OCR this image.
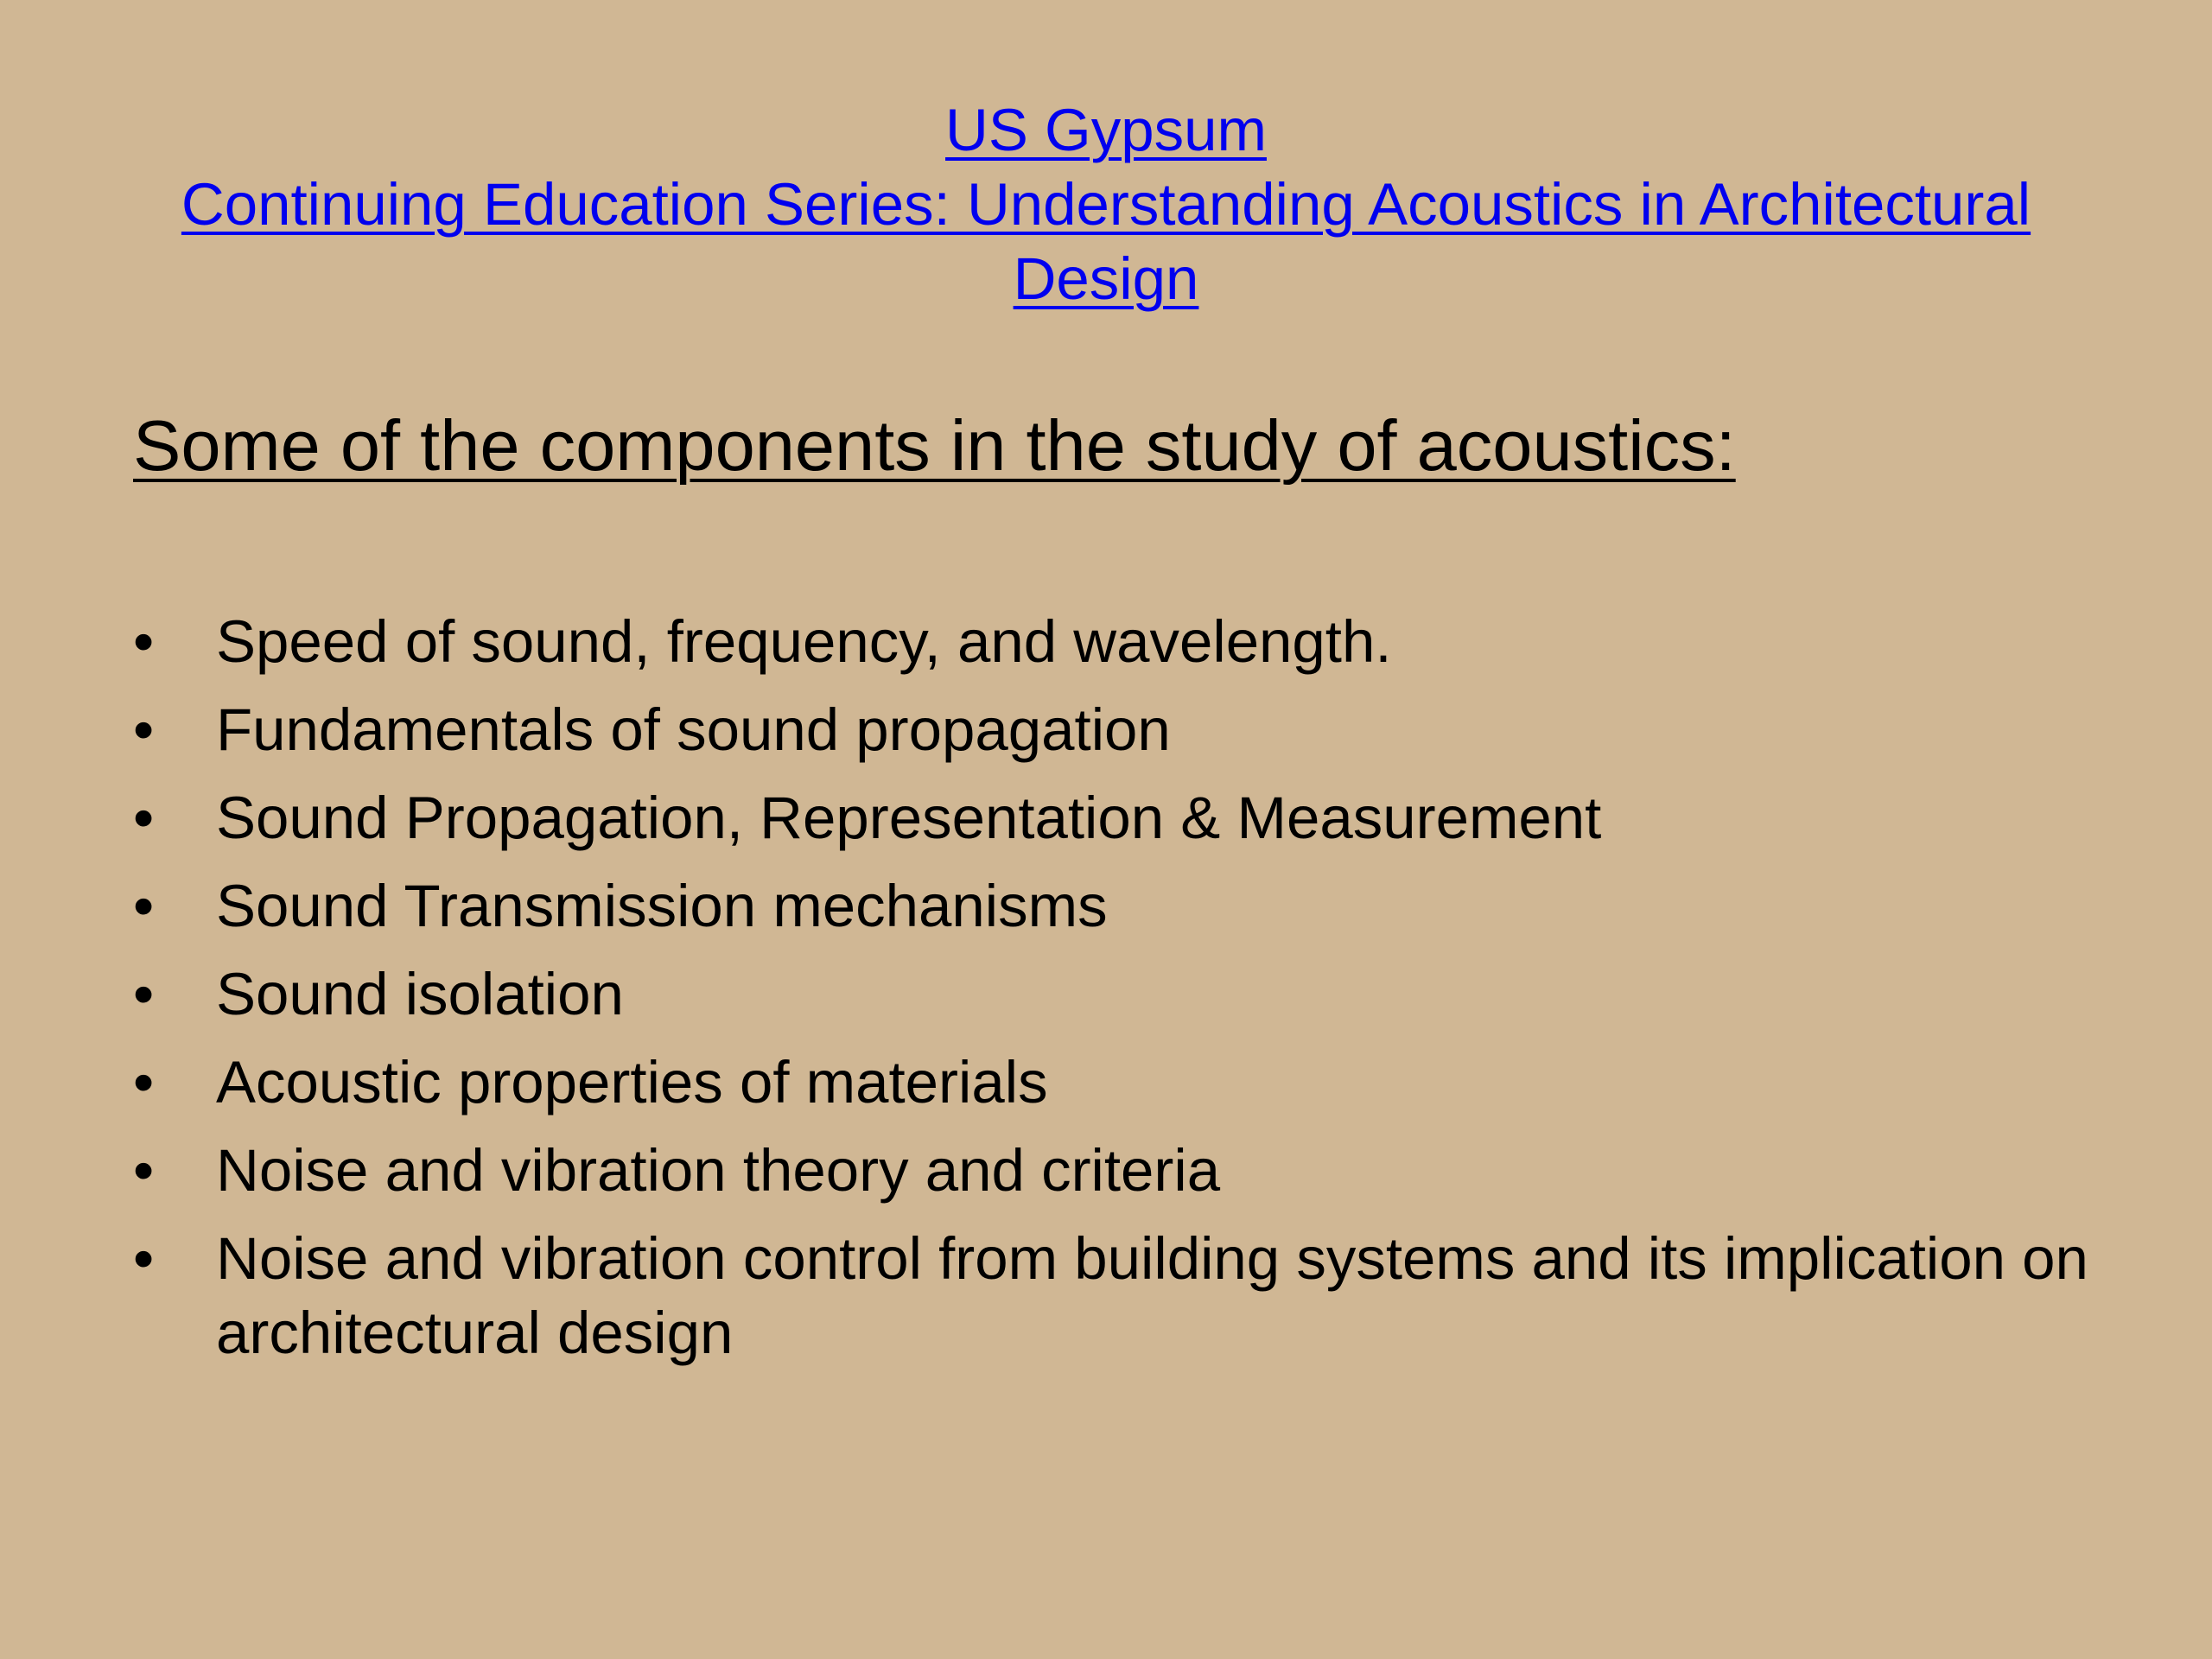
US Gypsum
Continuing Education Series: Understanding Acoustics in Architectural Design
Some of the components in the study of acoustics:
• Speed of sound, frequency, and wavelength.
• Fundamentals of sound propagation
• Sound Propagation, Representation & Measurement
• Sound Transmission mechanisms
• Sound isolation
• Acoustic properties of materials
• Noise and vibration theory and criteria
• Noise and vibration control from building systems and its implication on architectural design
